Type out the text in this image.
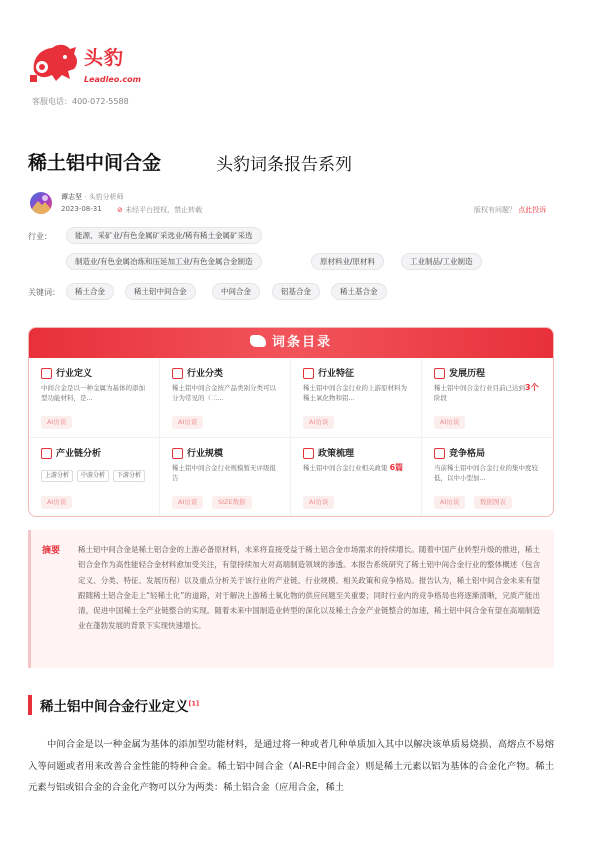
头豹
Leadleo.com
客服电话：400-072-5588
稀土铝中间合金	头豹词条报告系列
谭志坚 · 头豹分析师
2023-08-31 ⊘ 未经平台授权，禁止转载	版权有问题？ 点此投诉
行业：	能源、采矿业/有色金属矿采选业/稀有稀土金属矿采选
制造业/有色金属冶炼和压延加工业/有色金属合金制造	原材料业/原材料	工业制品/工业制造
关键词：	稀土合金	稀土铝中间合金	中间合金	铝基合金	稀土基合金
词条目录
行业定义
中间合金是以一种金属为基体的添加型功能材料，是...
AI访谈
行业分类
稀土铝中间合金按产品类别分类可以分为常见的（二...
AI访谈
行业特征
稀土铝中间合金行业的上游原材料为稀土氧化物和铝...
AI访谈
发展历程
稀土铝中间合金行业目前已达到3个阶段
AI访谈
产业链分析
上游分析	中游分析	下游分析
AI访谈
行业规模
稀土铝中间合金行业规模暂无评级报告
AI访谈	SIZE数据
政策梳理
稀土铝中间合金行业相关政策 6篇
AI访谈
竞争格局
当前稀土铝中间合金行业的集中度较低，以中小型加...
AI访谈	数据图表
摘要 稀土铝中间合金是稀土铝合金的上游必备原材料，未来将直接受益于稀土铝合金市场需求的持续增长。随着中国产业转型升级的推进，稀土铝合金作为高性能轻合金材料愈加受关注，有望持续加大对高端制造领域的渗透。本报告系统研究了稀土铝中间合金行业的整体概述（包含定义、分类、特征、发展历程）以及重点分析关于该行业的产业链、行业规模、相关政策和竞争格局。报告认为，稀土铝中间合金未来有望跟随稀土铝合金走上“轻稀土化”的道路，对于解决上游稀土氧化物的供应问题至关重要；同时行业内的竞争格局也将逐渐清晰，完质产能出清，促进中国稀土全产业链整合的实现。随着未来中国制造业转型的深化以及稀土合金产业链整合的加速，稀土铝中间合金有望在高端制造业在蓬勃发展的背景下实现快速增长。

稀土铝中间合金行业定义[1]

中间合金是以一种金属为基体的添加型功能材料，是通过将一种或者几种单质加入其中以解决该单质易烧损、高熔点不易熔入等问题或者用来改善合金性能的特种合金。稀土铝中间合金（Al-RE中间合金）则是稀土元素以铝为基体的合金化产物。稀土元素与铝或铝合金的合金化产物可以分为两类：稀土铝合金（应用合金，稀土
